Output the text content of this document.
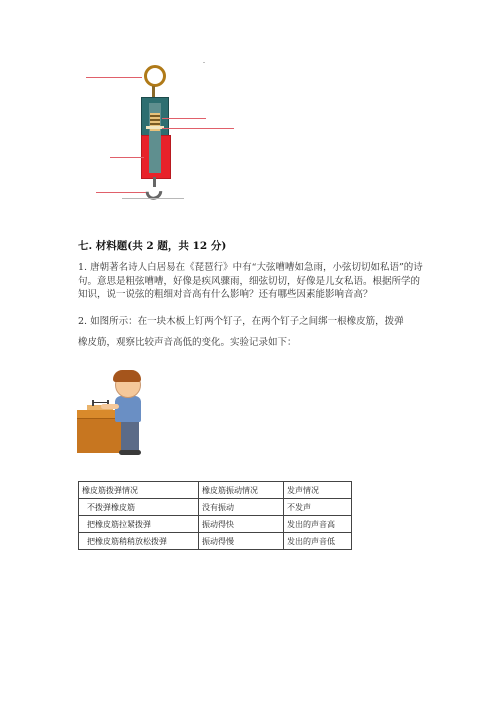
-
七. 材料题(共 2 题，共 12 分)
1. 唐朝著名诗人白居易在《琵琶行》中有“大弦嘈嘈如急雨，小弦切切如私语”的诗句。意思是粗弦嘈嘈，好像是疾风骤雨，细弦切切，好像是儿女私语。根据所学的知识，说一说弦的粗细对音高有什么影响？还有哪些因素能影响音高？
2. 如图所示：在一块木板上钉两个钉子，在两个钉子之间绑一根橡皮筋，拨弹
橡皮筋，观察比较声音高低的变化。实验记录如下：
橡皮筋拨弹情况	橡皮筋振动情况	发声情况
不拨弹橡皮筋	没有振动	不发声
把橡皮筋拉紧拨弹	振动得快	发出的声音高
把橡皮筋稍稍放松拨弹	振动得慢	发出的声音低
